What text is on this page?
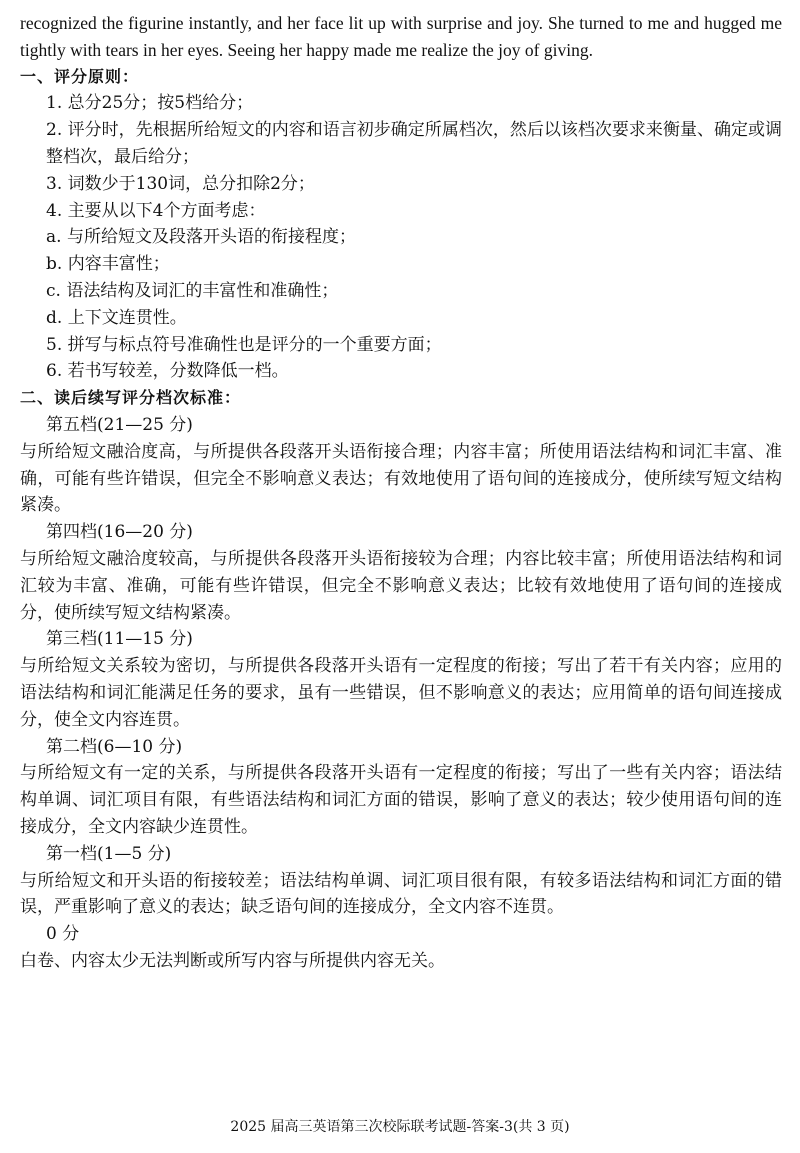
recognized the figurine instantly, and her face lit up with surprise and joy. She turned to me and hugged me tightly with tears in her eyes. Seeing her happy made me realize the joy of giving.

一、评分原则：

1. 总分25分；按5档给分；

2. 评分时，先根据所给短文的内容和语言初步确定所属档次，然后以该档次要求来衡量、确定或调整档次，最后给分；

3. 词数少于130词，总分扣除2分；

4. 主要从以下4个方面考虑：

a. 与所给短文及段落开头语的衔接程度；

b. 内容丰富性；

c. 语法结构及词汇的丰富性和准确性；

d. 上下文连贯性。

5. 拼写与标点符号准确性也是评分的一个重要方面；

6. 若书写较差，分数降低一档。

二、读后续写评分档次标准：

第五档(21—25 分)

与所给短文融洽度高，与所提供各段落开头语衔接合理；内容丰富；所使用语法结构和词汇丰富、准确，可能有些许错误，但完全不影响意义表达；有效地使用了语句间的连接成分，使所续写短文结构紧凑。

第四档(16—20 分)

与所给短文融洽度较高，与所提供各段落开头语衔接较为合理；内容比较丰富；所使用语法结构和词汇较为丰富、准确，可能有些许错误，但完全不影响意义表达；比较有效地使用了语句间的连接成分，使所续写短文结构紧凑。

第三档(11—15 分)

与所给短文关系较为密切，与所提供各段落开头语有一定程度的衔接；写出了若干有关内容；应用的语法结构和词汇能满足任务的要求，虽有一些错误，但不影响意义的表达；应用简单的语句间连接成分，使全文内容连贯。

第二档(6—10 分)

与所给短文有一定的关系，与所提供各段落开头语有一定程度的衔接；写出了一些有关内容；语法结构单调、词汇项目有限，有些语法结构和词汇方面的错误，影响了意义的表达；较少使用语句间的连接成分，全文内容缺少连贯性。

第一档(1—5 分)

与所给短文和开头语的衔接较差；语法结构单调、词汇项目很有限，有较多语法结构和词汇方面的错误，严重影响了意义的表达；缺乏语句间的连接成分，全文内容不连贯。

0 分

白卷、内容太少无法判断或所写内容与所提供内容无关。

2025 届高三英语第三次校际联考试题-答案-3(共 3 页)
